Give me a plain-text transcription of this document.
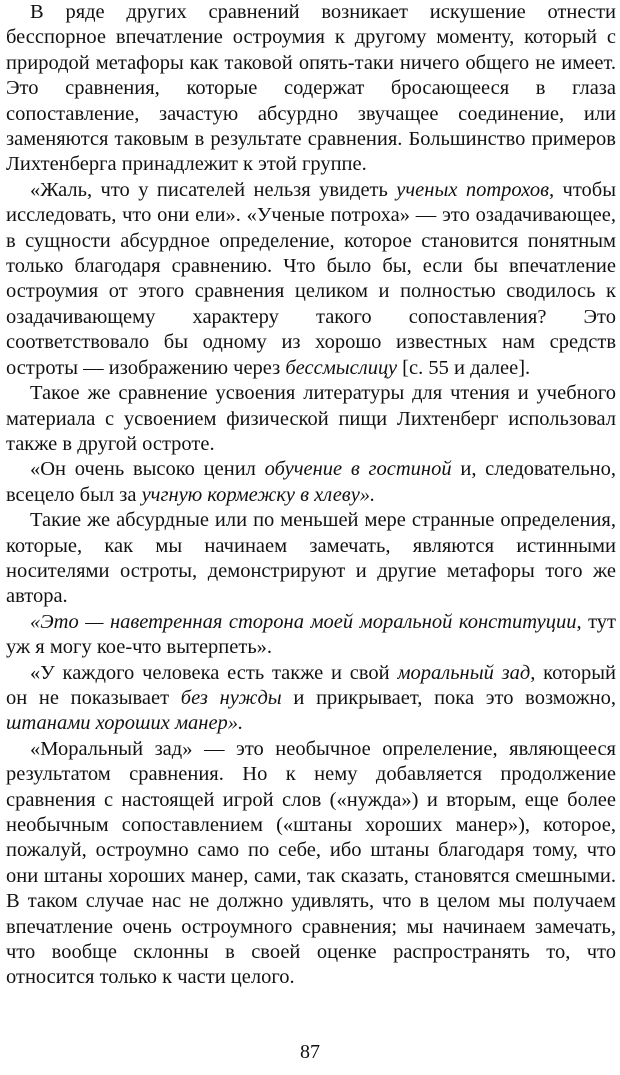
В ряде других сравнений возникает искушение отнести бесспорное впечатление остроумия к другому моменту, который с природой метафоры как таковой опять-таки ничего общего не имеет. Это сравнения, которые содержат бросающееся в глаза сопоставление, зачастую абсурдно звучащее соединение, или заменяются таковым в результате сравнения. Большинство примеров Лихтенберга принадлежит к этой группе.

«Жаль, что у писателей нельзя увидеть ученых потрохов, чтобы исследовать, что они ели». «Ученые потроха» — это озадачивающее, в сущности абсурдное определение, которое становится понятным только благодаря сравнению. Что было бы, если бы впечатление остроумия от этого сравнения целиком и полностью сводилось к озадачивающему характеру такого сопоставления? Это соответствовало бы одному из хорошо известных нам средств остроты — изображению через бессмыслицу [с. 55 и далее].

Такое же сравнение усвоения литературы для чтения и учебного материала с усвоением физической пищи Лихтенберг использовал также в другой остроте.

«Он очень высоко ценил обучение в гостиной и, следовательно, всецело был за учгную кормежку в хлеву».

Такие же абсурдные или по меньшей мере странные определения, которые, как мы начинаем замечать, являются истинными носителями остроты, демонстрируют и другие метафоры того же автора.

«Это — наветренная сторона моей моральной конституции, тут уж я могу кое-что вытерпеть».

«У каждого человека есть также и свой моральный зад, который он не показывает без нужды и прикрывает, пока это возможно, штанами хороших манер».

«Моральный зад» — это необычное опрелеление, являющееся результатом сравнения. Но к нему добавляется продолжение сравнения с настоящей игрой слов («нужда») и вторым, еще более необычным сопоставлением («штаны хороших манер»), которое, пожалуй, остроумно само по себе, ибо штаны благодаря тому, что они штаны хороших манер, сами, так сказать, становятся смешными. В таком случае нас не должно удивлять, что в целом мы получаем впечатление очень остроумного сравнения; мы начинаем замечать, что вообще склонны в своей оценке распространять то, что относится только к части целого.

87
